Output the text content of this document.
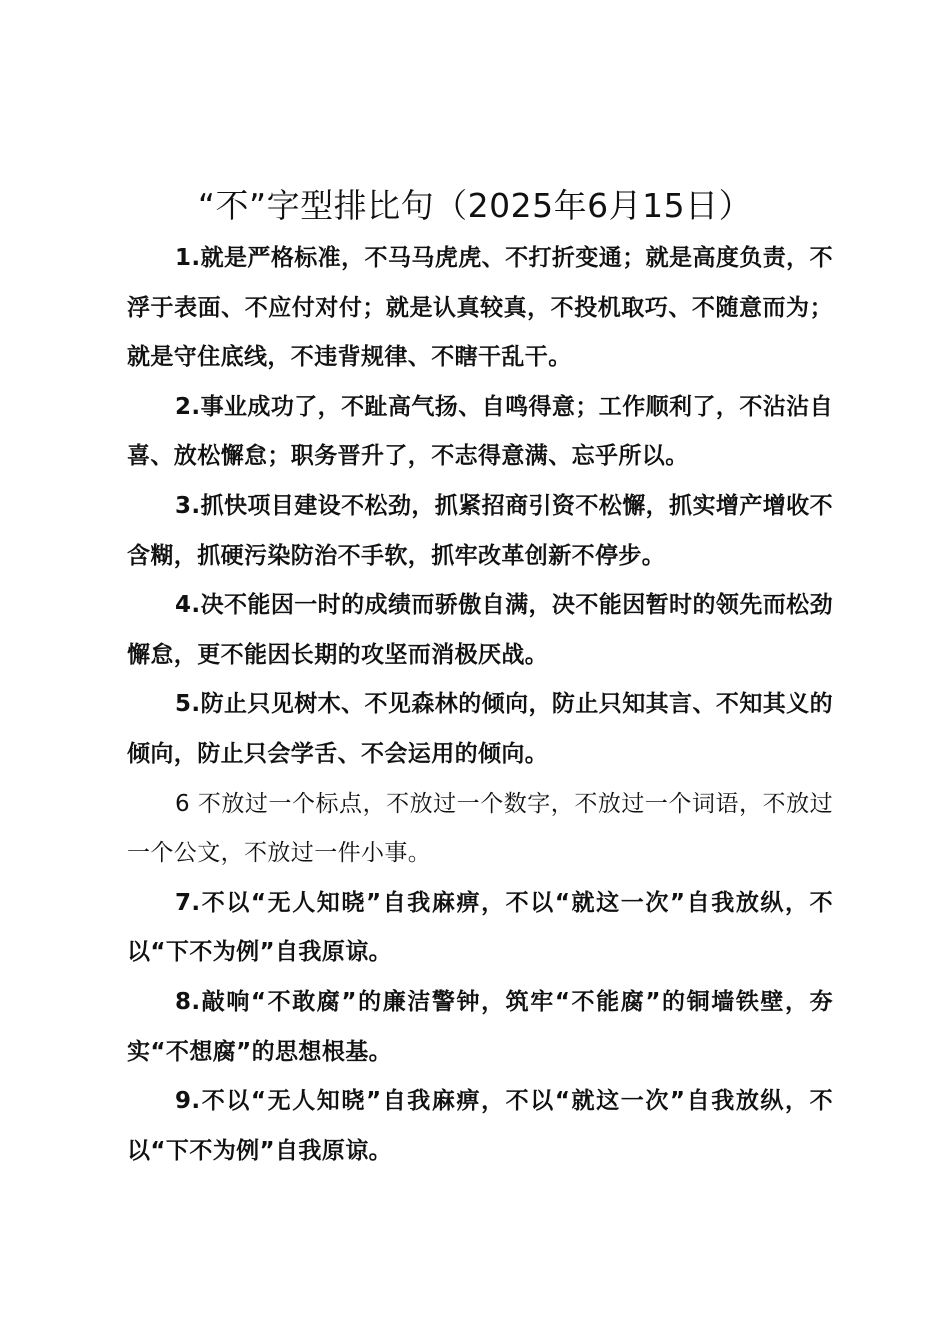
“不”字型排比句（2025年6月15日）

1.就是严格标准，不马马虎虎、不打折变通；就是高度负责，不浮于表面、不应付对付；就是认真较真，不投机取巧、不随意而为；就是守住底线，不违背规律、不瞎干乱干。

2.事业成功了，不趾高气扬、自鸣得意；工作顺利了，不沾沾自喜、放松懈怠；职务晋升了，不志得意满、忘乎所以。

3.抓快项目建设不松劲，抓紧招商引资不松懈，抓实增产增收不含糊，抓硬污染防治不手软，抓牢改革创新不停步。

4.决不能因一时的成绩而骄傲自满，决不能因暂时的领先而松劲懈怠，更不能因长期的攻坚而消极厌战。

5.防止只见树木、不见森林的倾向，防止只知其言、不知其义的倾向，防止只会学舌、不会运用的倾向。

6 不放过一个标点，不放过一个数字，不放过一个词语，不放过一个公文，不放过一件小事。

7.不以“无人知晓”自我麻痹，不以“就这一次”自我放纵，不以“下不为例”自我原谅。

8.敲响“不敢腐”的廉洁警钟，筑牢“不能腐”的铜墙铁壁，夯实“不想腐”的思想根基。

9.不以“无人知晓”自我麻痹，不以“就这一次”自我放纵，不以“下不为例”自我原谅。
